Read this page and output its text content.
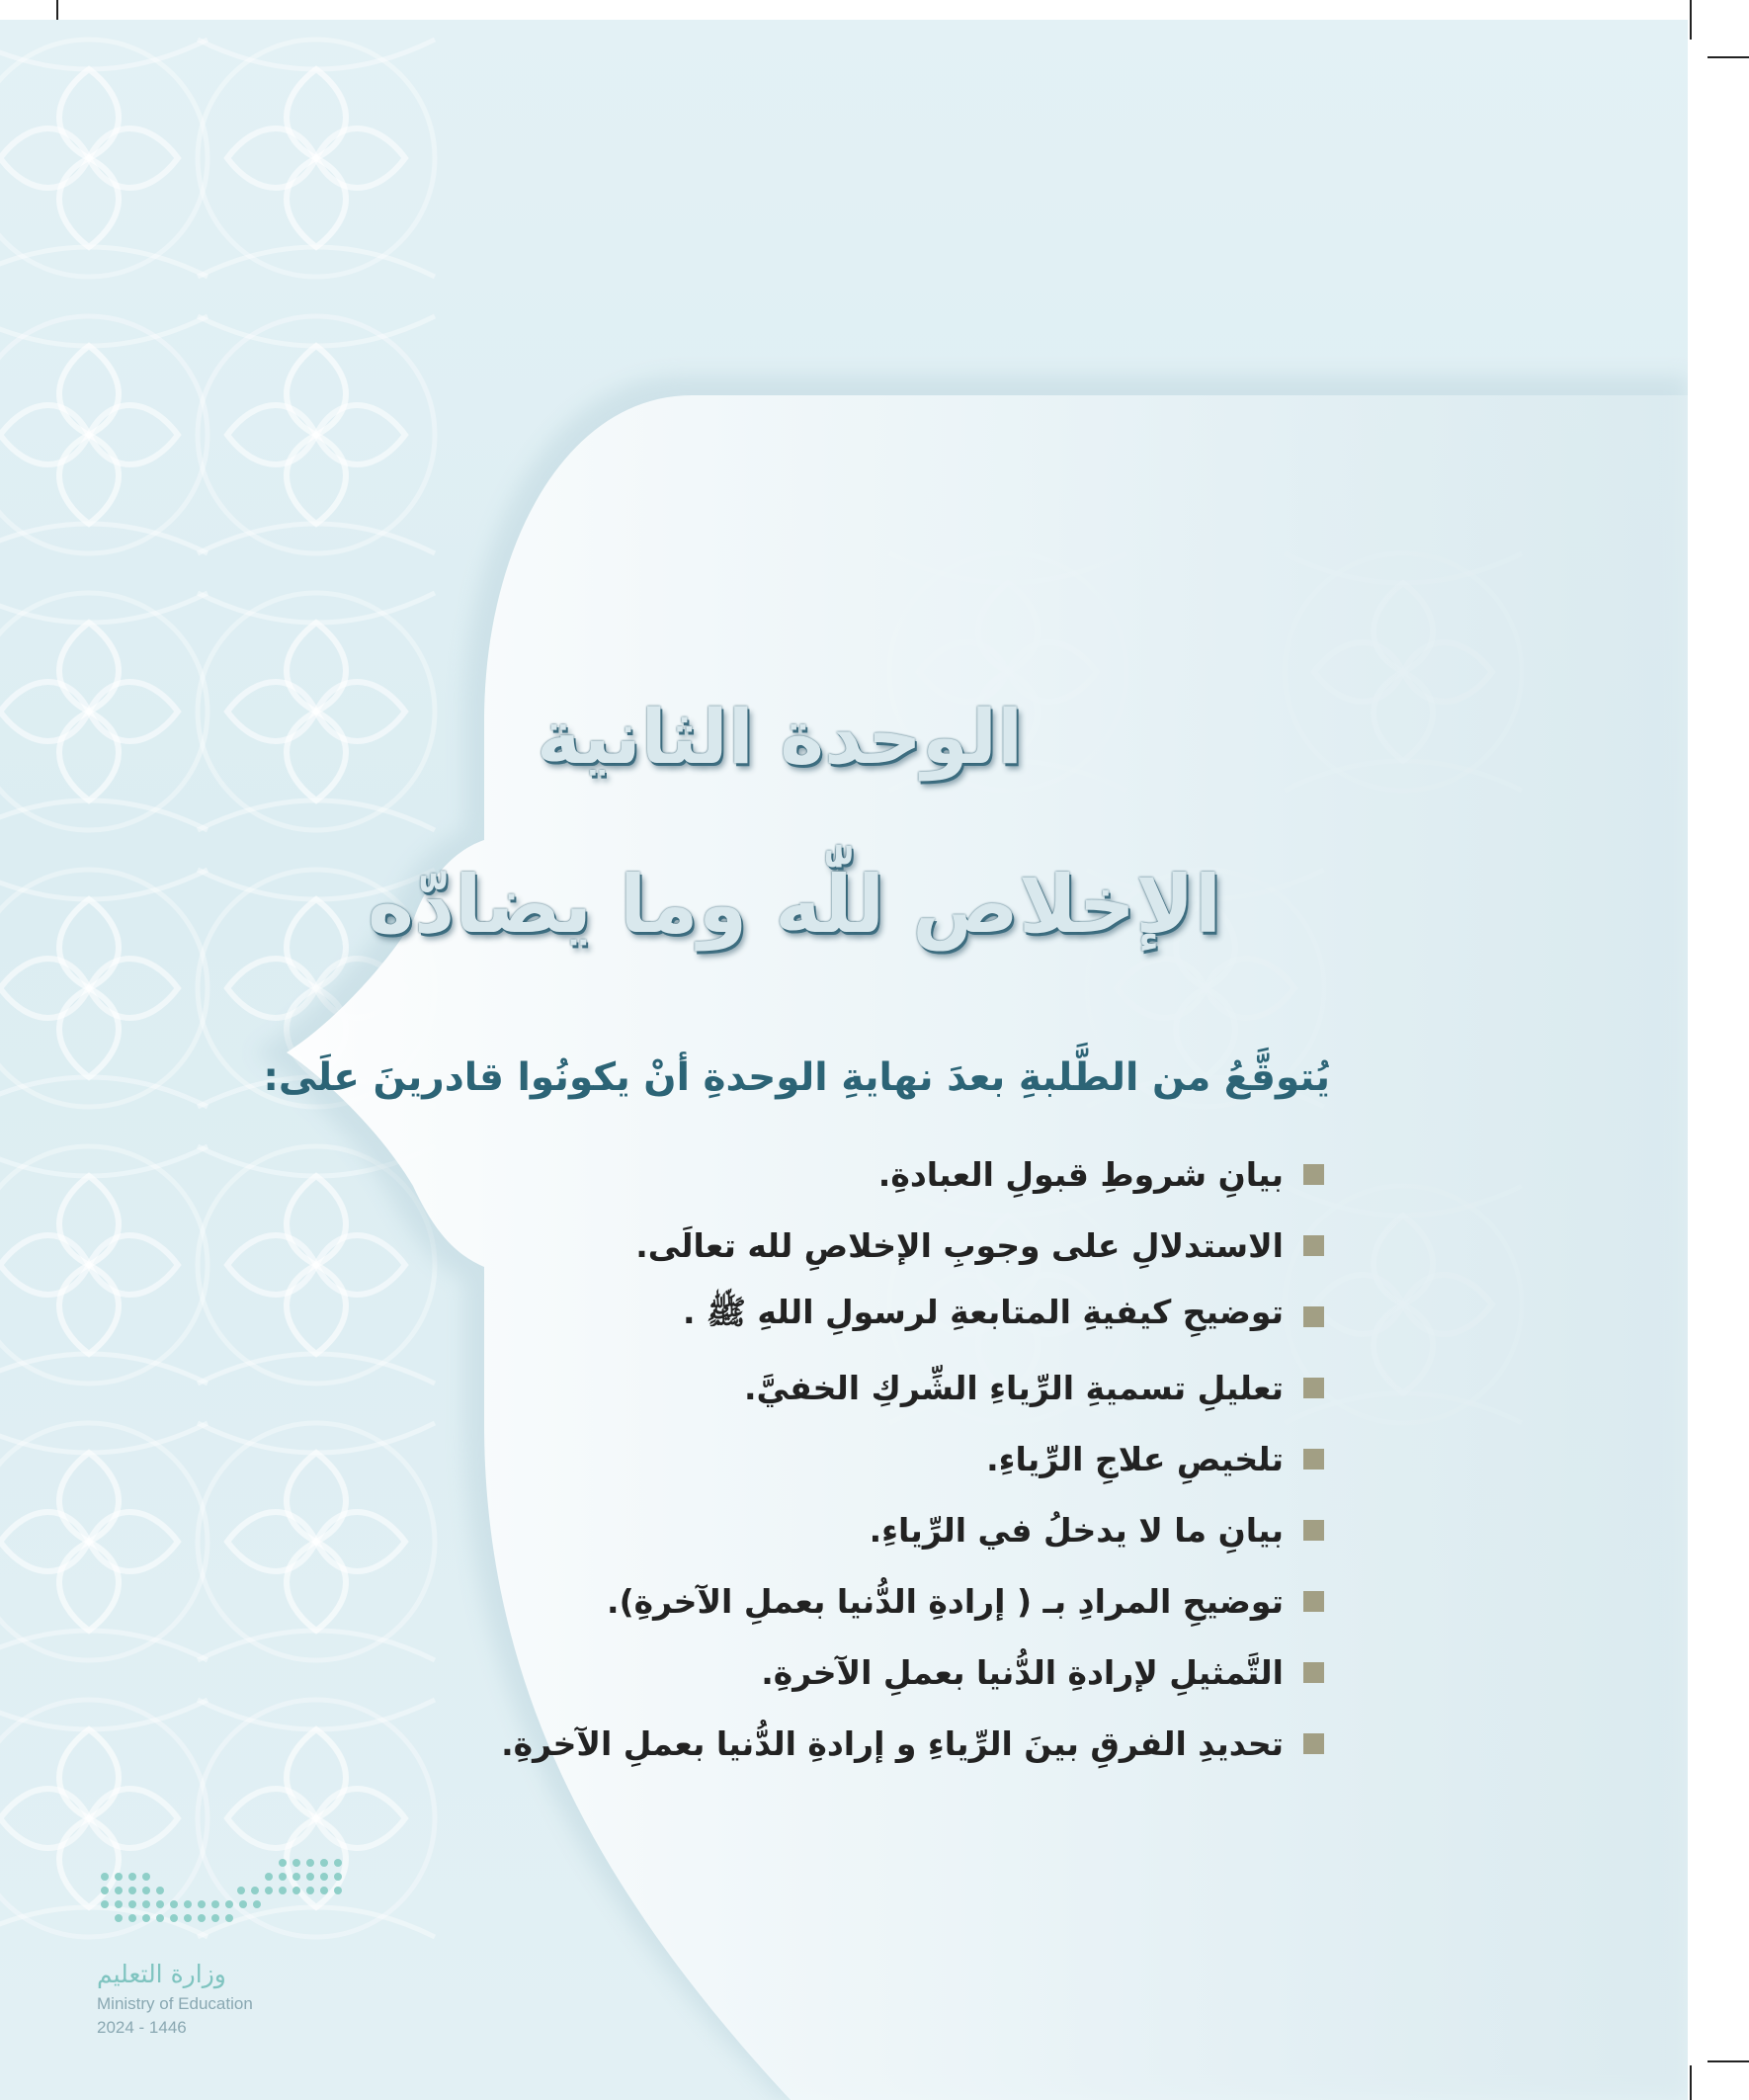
الوحدة الثانية
الإخلاص للّٰه وما يضادّه

يُتوقَّعُ من الطَّلبةِ بعدَ نهايةِ الوحدةِ أنْ يكونُوا قادرينَ علَى:

بيانِ شروطِ قبولِ العبادةِ.
الاستدلالِ على وجوبِ الإخلاصِ لله تعالَى.
توضيحِ كيفيةِ المتابعةِ لرسولِ اللهِ ﷺ .
تعليلِ تسميةِ الرِّياءِ الشِّركِ الخفيَّ.
تلخيصِ علاجِ الرِّياءِ.
بيانِ ما لا يدخلُ في الرِّياءِ.
توضيحِ المرادِ بـ ( إرادةِ الدُّنيا بعملِ الآخرةِ).
التَّمثيلِ لإرادةِ الدُّنيا بعملِ الآخرةِ.
تحديدِ الفرقِ بينَ الرِّياءِ و إرادةِ الدُّنيا بعملِ الآخرةِ.
وزارة التعليم
Ministry of Education
2024 - 1446
